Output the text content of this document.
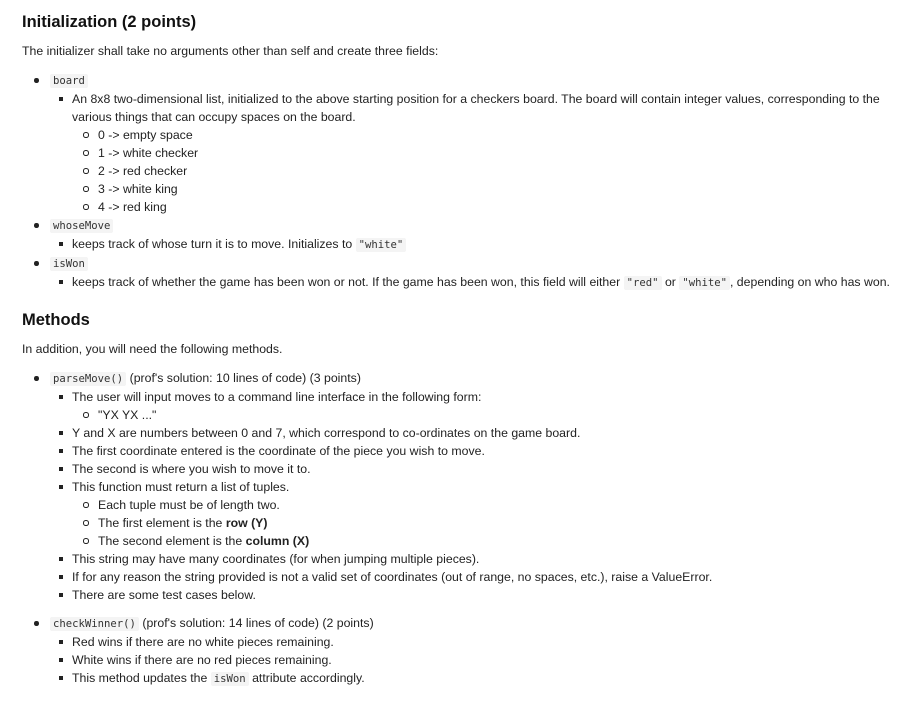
Initialization (2 points)

The initializer shall take no arguments other than self and create three fields:

board
An 8x8 two-dimensional list, initialized to the above starting position for a checkers board. The board will contain integer values, corresponding to the various things that can occupy spaces on the board.
0 -> empty space
1 -> white checker
2 -> red checker
3 -> white king
4 -> red king
whoseMove
keeps track of whose turn it is to move. Initializes to "white"
isWon
keeps track of whether the game has been won or not. If the game has been won, this field will either "red" or "white" , depending on who has won.
Methods

In addition, you will need the following methods.

parseMove() (prof's solution: 10 lines of code) (3 points)
The user will input moves to a command line interface in the following form:
"YX YX ..."
Y and X are numbers between 0 and 7, which correspond to co-ordinates on the game board.
The first coordinate entered is the coordinate of the piece you wish to move.
The second is where you wish to move it to.
This function must return a list of tuples.
Each tuple must be of length two.
The first element is the row (Y)
The second element is the column (X)
This string may have many coordinates (for when jumping multiple pieces).
If for any reason the string provided is not a valid set of coordinates (out of range, no spaces, etc.), raise a ValueError.
There are some test cases below.
checkWinner() (prof's solution: 14 lines of code) (2 points)
Red wins if there are no white pieces remaining.
White wins if there are no red pieces remaining.
This method updates the isWon attribute accordingly.
